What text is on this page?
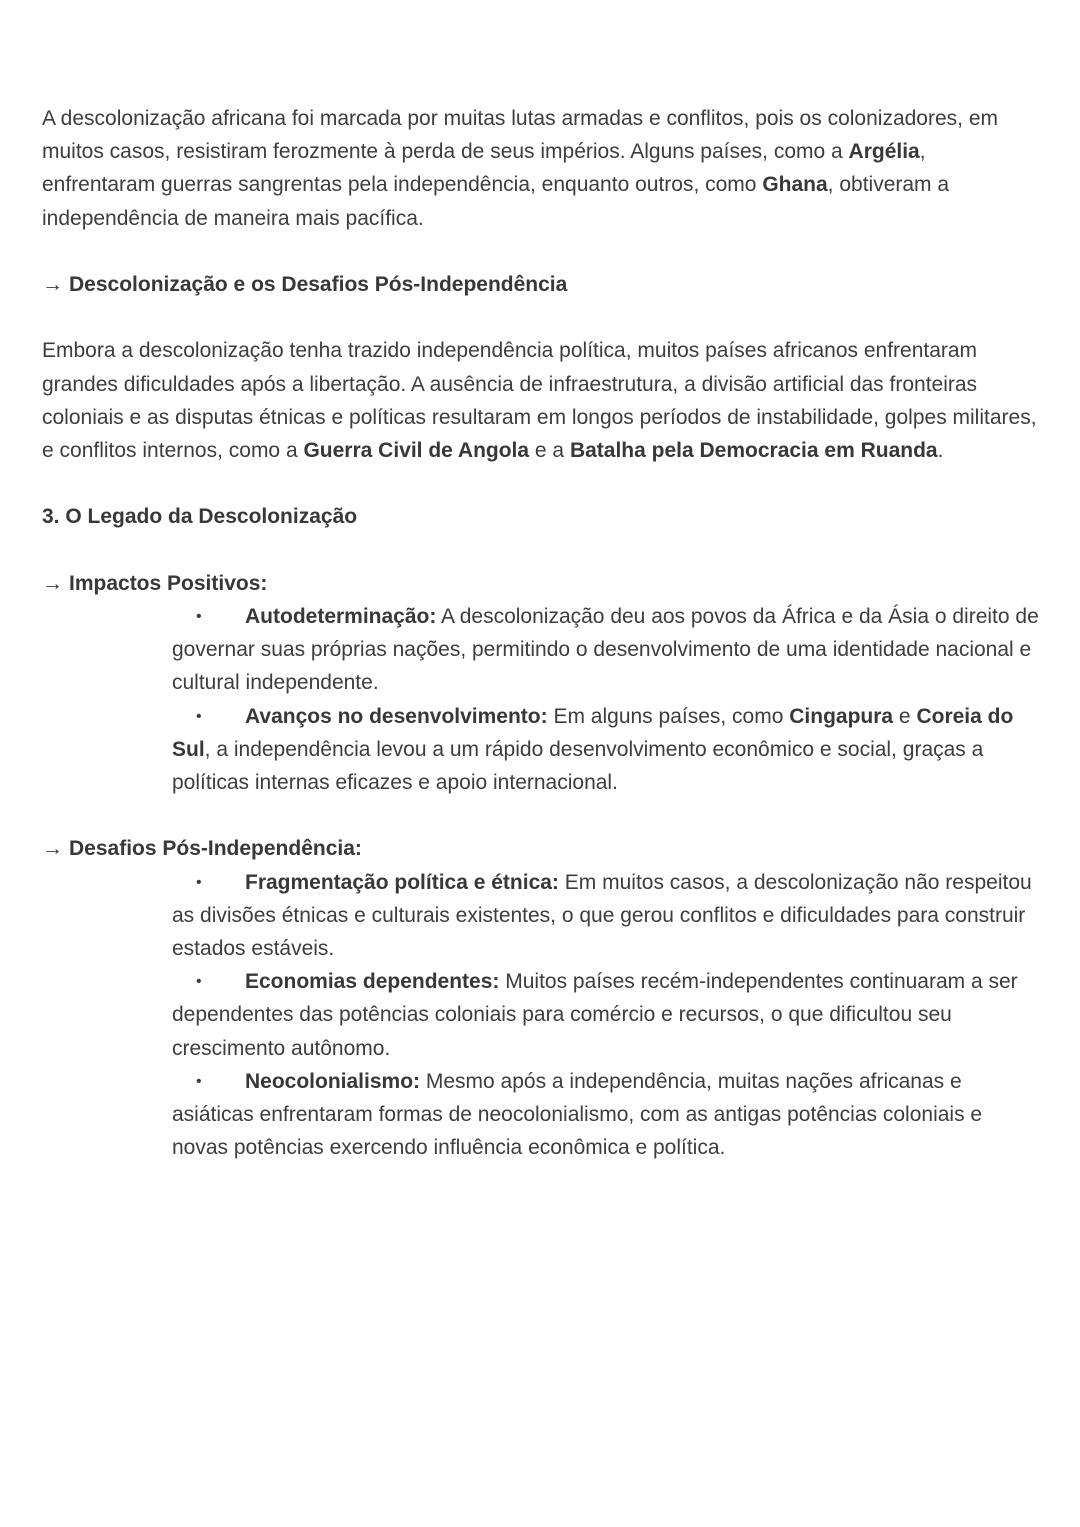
A descolonização africana foi marcada por muitas lutas armadas e conflitos, pois os colonizadores, em muitos casos, resistiram ferozmente à perda de seus impérios. Alguns países, como a Argélia, enfrentaram guerras sangrentas pela independência, enquanto outros, como Ghana, obtiveram a independência de maneira mais pacífica.

→ Descolonização e os Desafios Pós-Independência

Embora a descolonização tenha trazido independência política, muitos países africanos enfrentaram grandes dificuldades após a libertação. A ausência de infraestrutura, a divisão artificial das fronteiras coloniais e as disputas étnicas e políticas resultaram em longos períodos de instabilidade, golpes militares, e conflitos internos, como a Guerra Civil de Angola e a Batalha pela Democracia em Ruanda.

3. O Legado da Descolonização

→ Impactos Positivos:

• Autodeterminação: A descolonização deu aos povos da África e da Ásia o direito de governar suas próprias nações, permitindo o desenvolvimento de uma identidade nacional e cultural independente.
• Avanços no desenvolvimento: Em alguns países, como Cingapura e Coreia do Sul, a independência levou a um rápido desenvolvimento econômico e social, graças a políticas internas eficazes e apoio internacional.

→ Desafios Pós-Independência:

• Fragmentação política e étnica: Em muitos casos, a descolonização não respeitou as divisões étnicas e culturais existentes, o que gerou conflitos e dificuldades para construir estados estáveis.
• Economias dependentes: Muitos países recém-independentes continuaram a ser dependentes das potências coloniais para comércio e recursos, o que dificultou seu crescimento autônomo.
• Neocolonialismo: Mesmo após a independência, muitas nações africanas e asiáticas enfrentaram formas de neocolonialismo, com as antigas potências coloniais e novas potências exercendo influência econômica e política.
